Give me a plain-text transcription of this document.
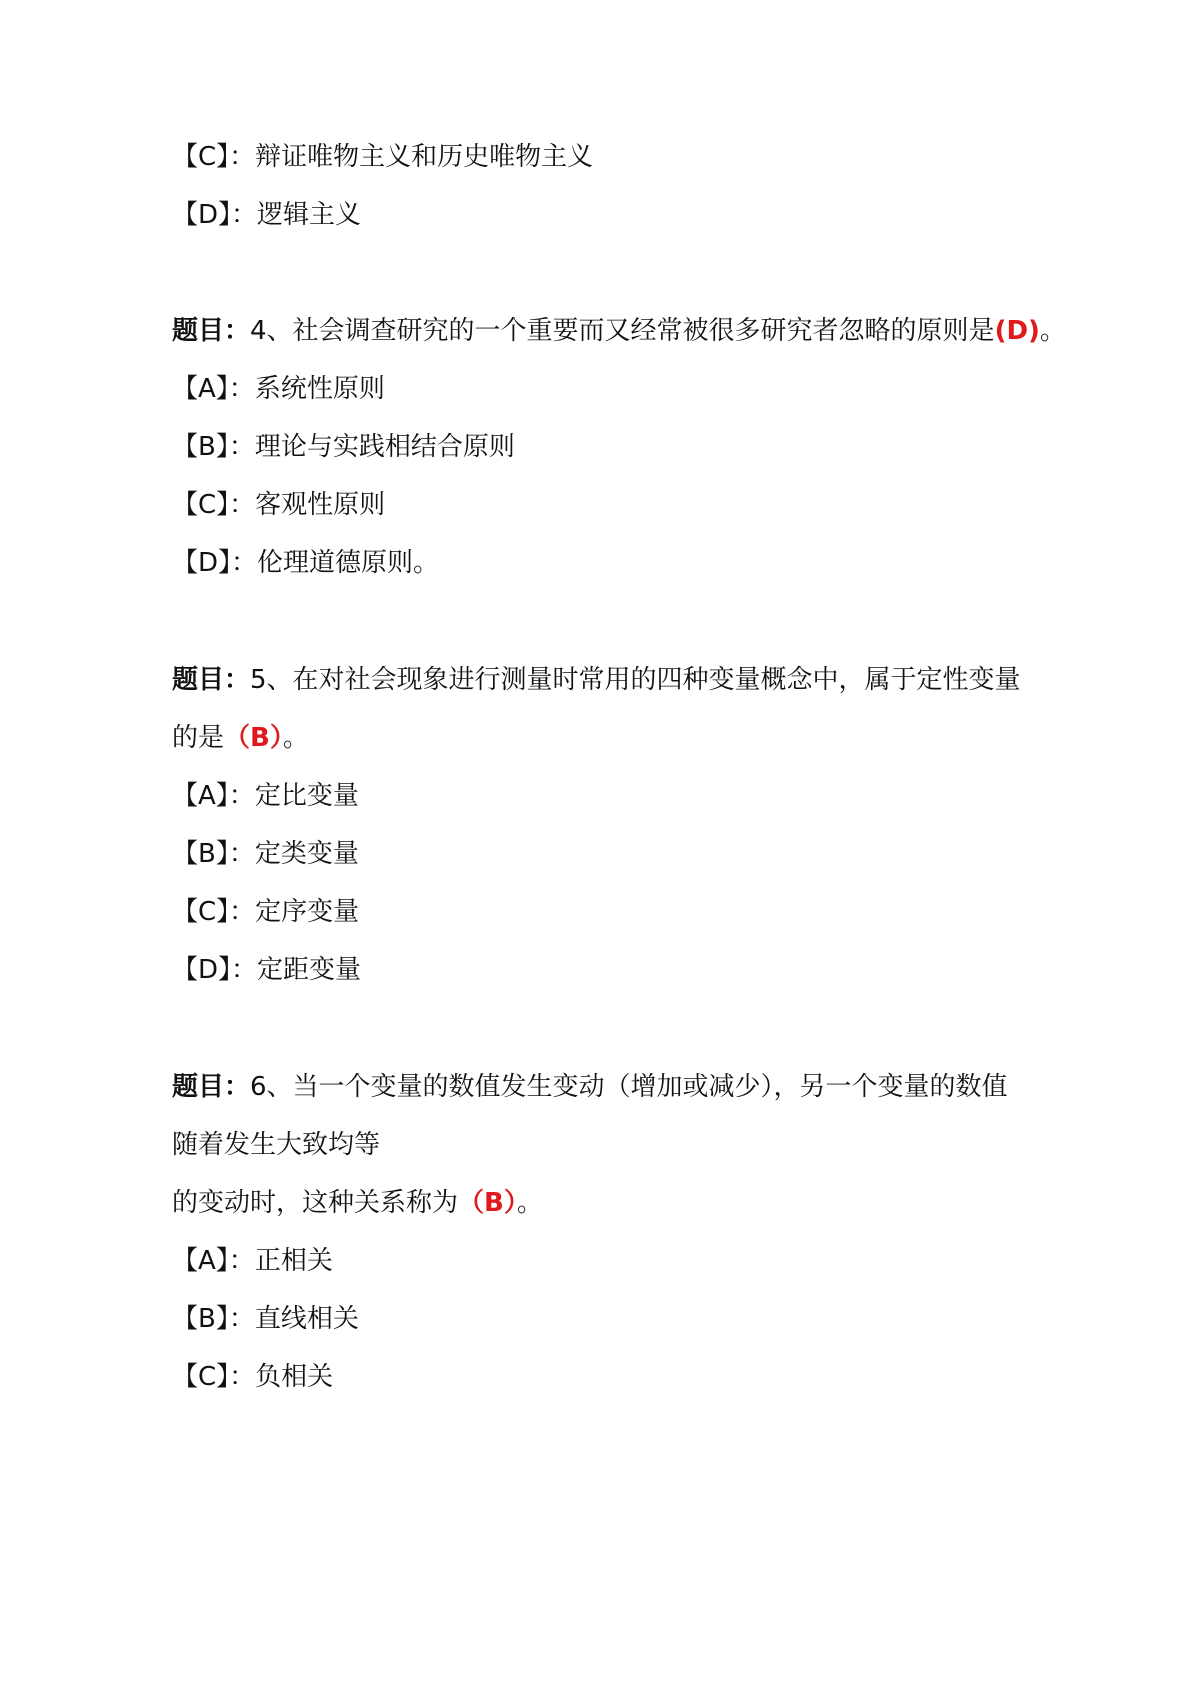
【C】：辩证唯物主义和历史唯物主义
【D】：逻辑主义
题目：4、社会调查研究的一个重要而又经常被很多研究者忽略的原则是(D)。
【A】：系统性原则
【B】：理论与实践相结合原则
【C】：客观性原则
【D】：伦理道德原则。
题目：5、在对社会现象进行测量时常用的四种变量概念中，属于定性变量
的是（B）。
【A】：定比变量
【B】：定类变量
【C】：定序变量
【D】：定距变量
题目：6、当一个变量的数值发生变动（增加或减少），另一个变量的数值
随着发生大致均等
的变动时，这种关系称为（B）。
【A】：正相关
【B】：直线相关
【C】：负相关
